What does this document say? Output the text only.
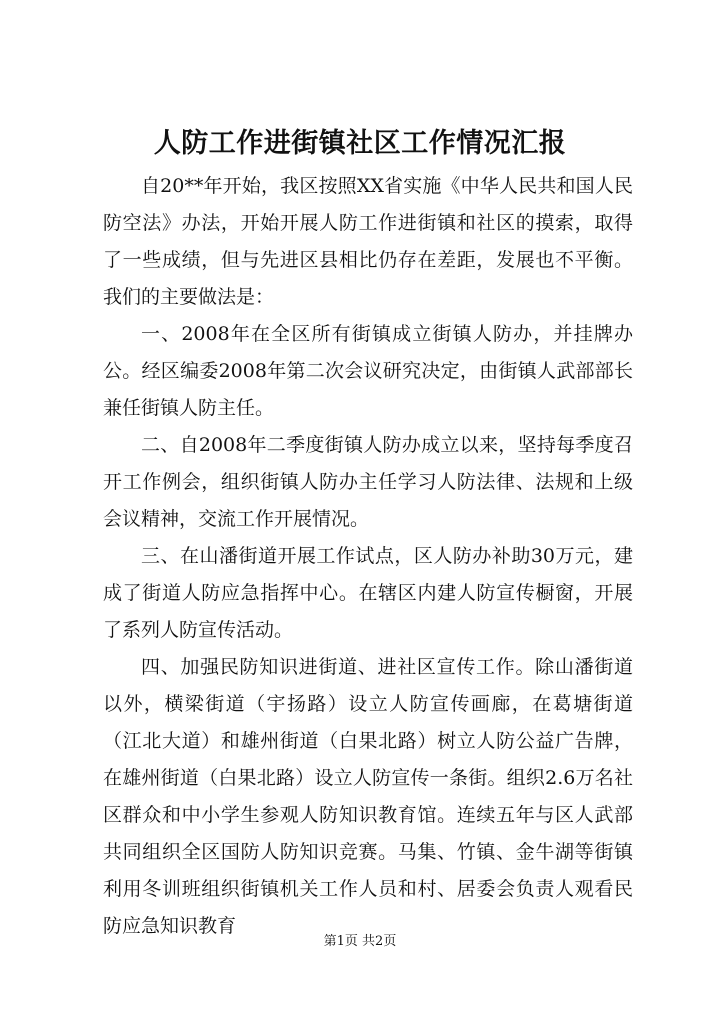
人防工作进街镇社区工作情况汇报

自20**年开始，我区按照XX省实施《中华人民共和国人民防空法》办法，开始开展人防工作进街镇和社区的摸索，取得了一些成绩，但与先进区县相比仍存在差距，发展也不平衡。我们的主要做法是：

一、2008年在全区所有街镇成立街镇人防办，并挂牌办公。经区编委2008年第二次会议研究决定，由街镇人武部部长兼任街镇人防主任。

二、自2008年二季度街镇人防办成立以来，坚持每季度召开工作例会，组织街镇人防办主任学习人防法律、法规和上级会议精神，交流工作开展情况。

三、在山潘街道开展工作试点，区人防办补助30万元，建成了街道人防应急指挥中心。在辖区内建人防宣传橱窗，开展了系列人防宣传活动。

四、加强民防知识进街道、进社区宣传工作。除山潘街道以外，横梁街道（宇扬路）设立人防宣传画廊，在葛塘街道（江北大道）和雄州街道（白果北路）树立人防公益广告牌，在雄州街道（白果北路）设立人防宣传一条街。组织2.6万名社区群众和中小学生参观人防知识教育馆。连续五年与区人武部共同组织全区国防人防知识竞赛。马集、竹镇、金牛湖等街镇利用冬训班组织街镇机关工作人员和村、居委会负责人观看民防应急知识教育

第1页 共2页
